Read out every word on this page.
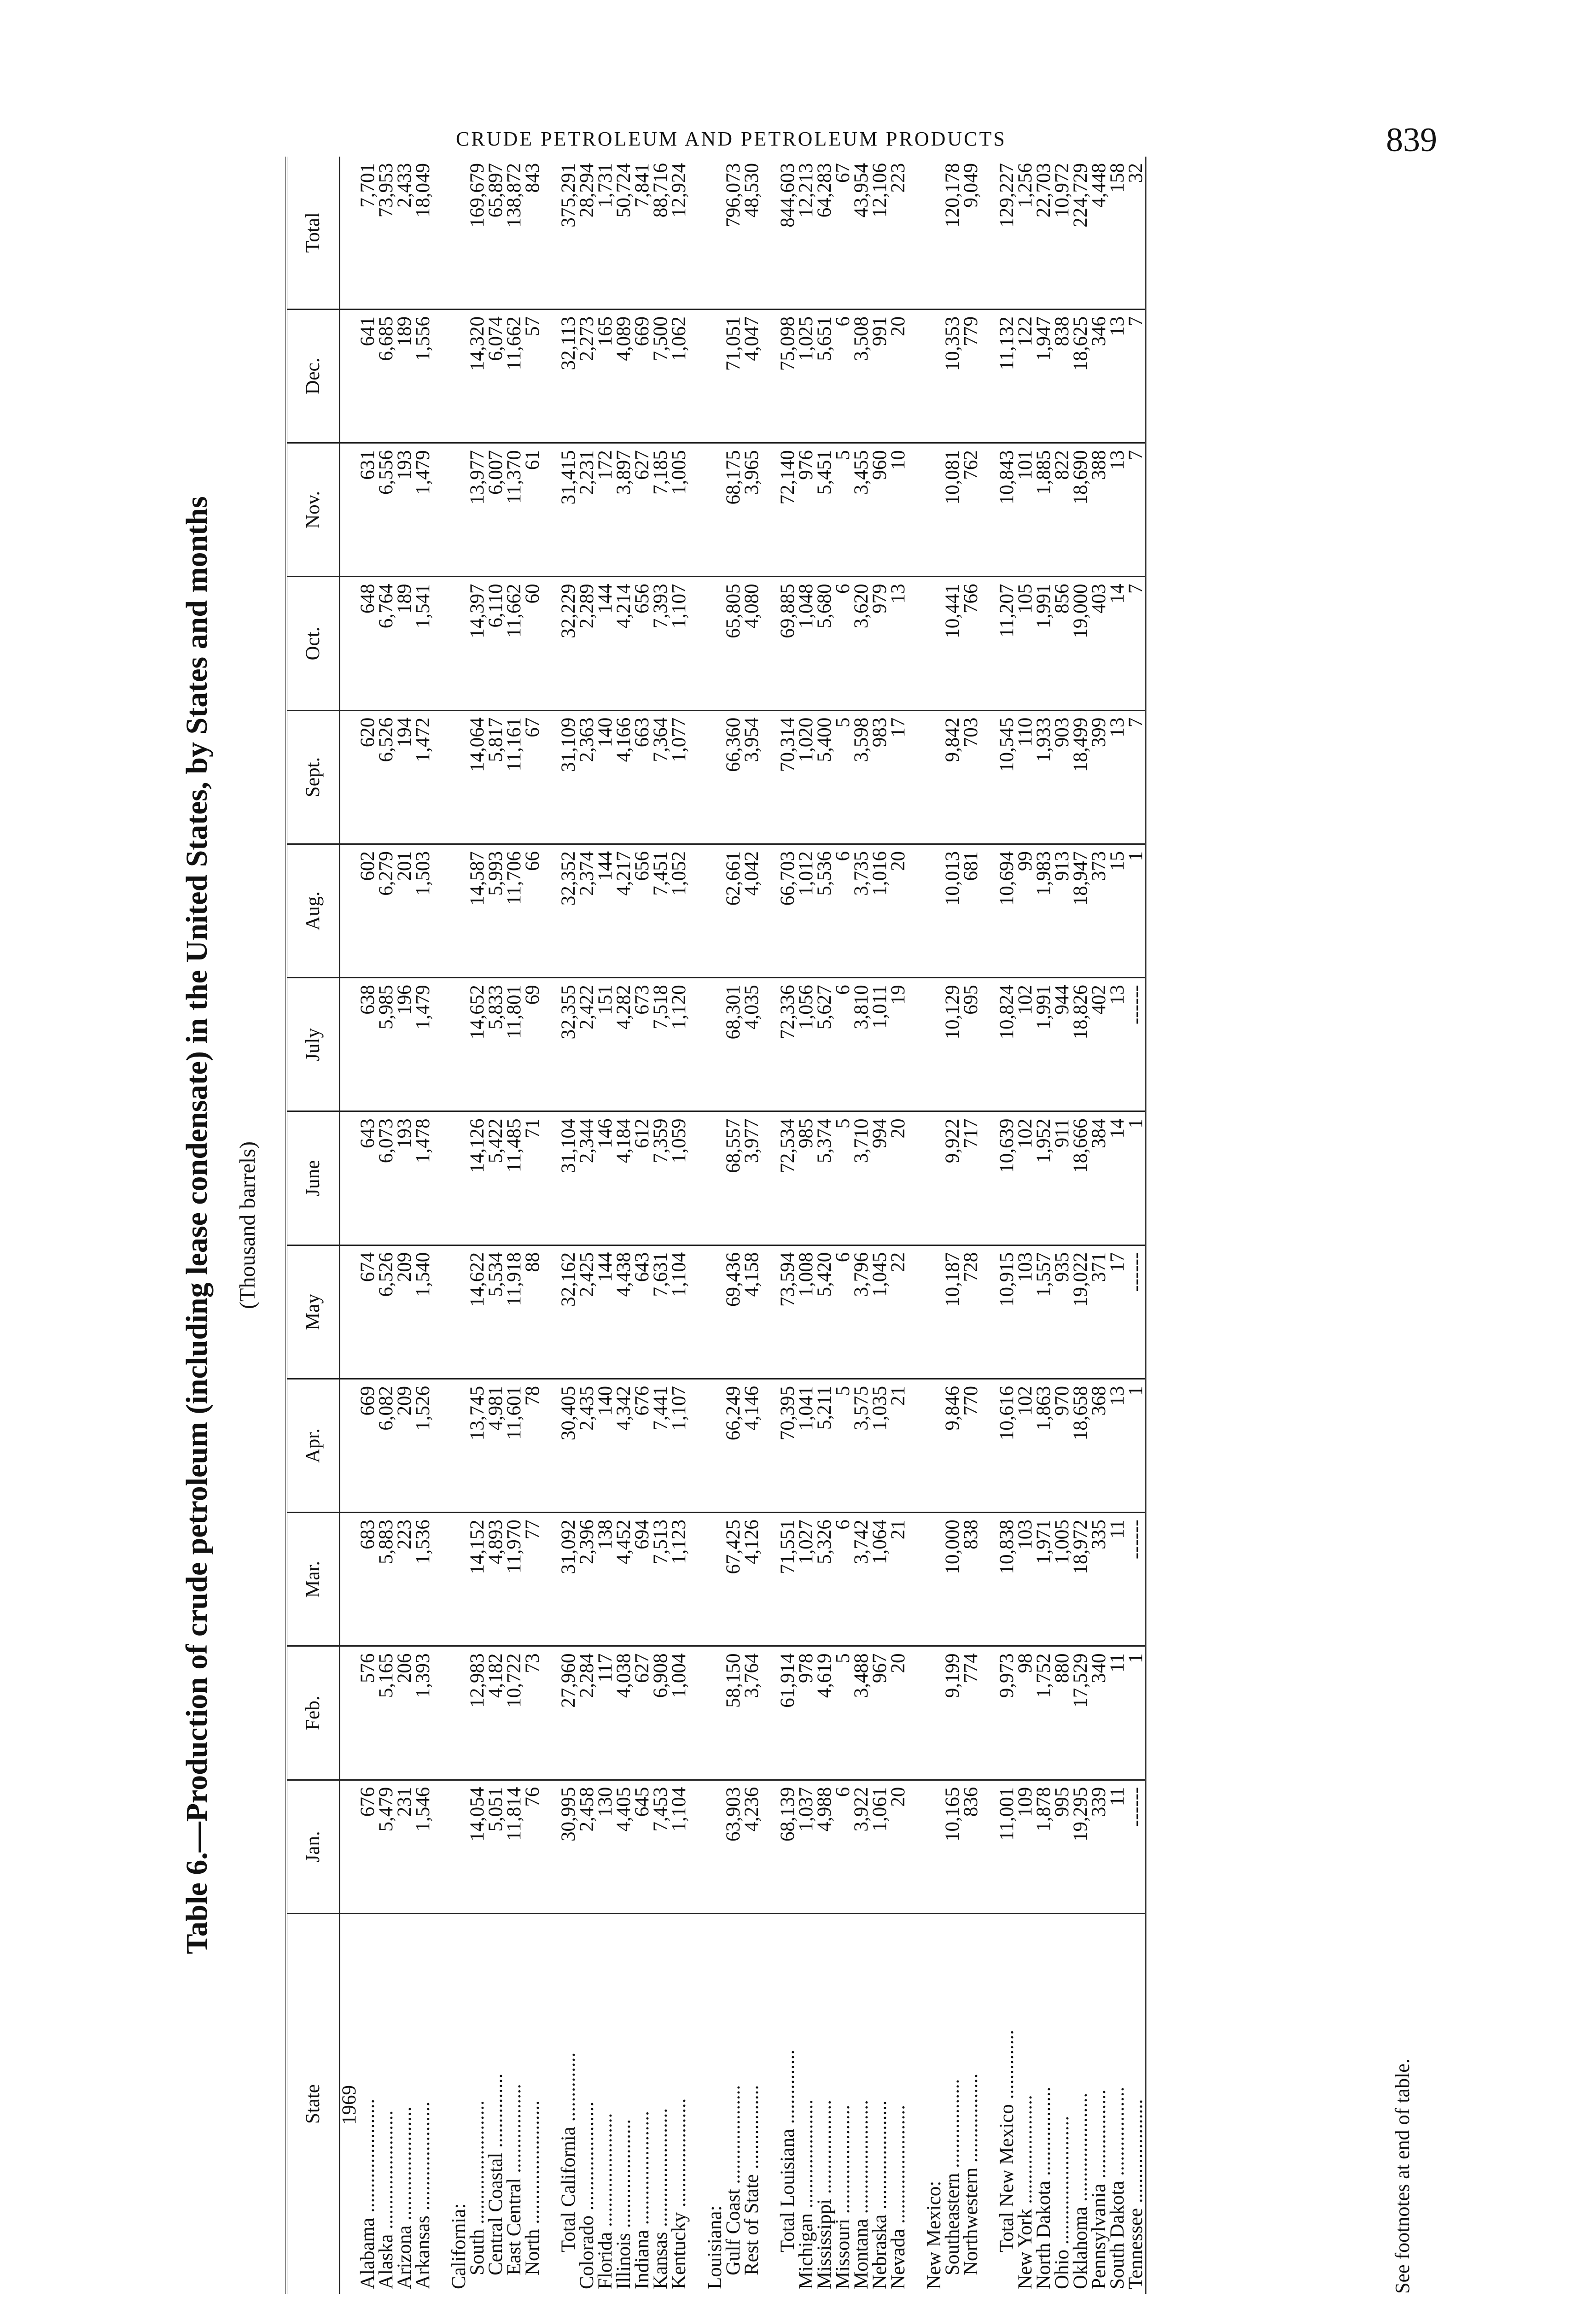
CRUDE PETROLEUM AND PETROLEUM PRODUCTS	839
Table 6.—Production of crude petroleum (including lease condensate) in the United States, by States and months (Thousand barrels)
State	Jan.	Feb.	Mar.	Apr.	May	June	July	Aug.	Sept.	Oct.	Nov.	Dec.	Total
1969													
Alabama .......................	676	576	683	669	674	643	638	602	620	648	631	641	7,701
Alaska ........................	5,479	5,165	5,883	6,082	6,526	6,073	5,985	6,279	6,526	6,764	6,556	6,685	73,953
Arizona .......................	231	206	223	209	209	193	196	201	194	189	193	189	2,433
Arkansas ......................	1,546	1,393	1,536	1,526	1,540	1,478	1,479	1,503	1,472	1,541	1,479	1,556	18,049

California:													
South .........................	14,054	12,983	14,152	13,745	14,622	14,126	14,652	14,587	14,064	14,397	13,977	14,320	169,679
Central Coastal ...............	5,051	4,182	4,893	4,981	5,534	5,422	5,833	5,993	5,817	6,110	6,007	6,074	65,897
East Central ..................	11,814	10,722	11,970	11,601	11,918	11,485	11,801	11,706	11,161	11,662	11,370	11,662	138,872
North .........................	76	73	77	78	88	71	69	66	67	60	61	57	843

Total California ..............	30,995	27,960	31,092	30,405	32,162	31,104	32,355	32,352	31,109	32,229	31,415	32,113	375,291
Colorado ......................	2,458	2,284	2,396	2,435	2,425	2,344	2,422	2,374	2,363	2,289	2,231	2,273	28,294
Florida .......................	130	117	138	140	144	146	151	144	140	144	172	165	1,731
Illinois ......................	4,405	4,038	4,452	4,342	4,438	4,184	4,282	4,217	4,166	4,214	3,897	4,089	50,724
Indiana .......................	645	627	694	676	643	612	673	656	663	656	627	669	7,841
Kansas ........................	7,453	6,908	7,513	7,441	7,631	7,359	7,518	7,451	7,364	7,393	7,185	7,500	88,716
Kentucky ......................	1,104	1,004	1,123	1,107	1,104	1,059	1,120	1,052	1,077	1,107	1,005	1,062	12,924

Louisiana:													
Gulf Coast ....................	63,903	58,150	67,425	66,249	69,436	68,557	68,301	62,661	66,360	65,805	68,175	71,051	796,073
Rest of State .................	4,236	3,764	4,126	4,146	4,158	3,977	4,035	4,042	3,954	4,080	3,965	4,047	48,530

Total Louisiana ...............	68,139	61,914	71,551	70,395	73,594	72,534	72,336	66,703	70,314	69,885	72,140	75,098	844,603
Michigan ......................	1,037	978	1,027	1,041	1,008	985	1,056	1,012	1,020	1,048	976	1,025	12,213
Mississippi ...................	4,988	4,619	5,326	5,211	5,420	5,374	5,627	5,536	5,400	5,680	5,451	5,651	64,283
Missouri ......................	6	5	6	5	6	5	6	6	5	6	5	6	67
Montana .......................	3,922	3,488	3,742	3,575	3,796	3,710	3,810	3,735	3,598	3,620	3,455	3,508	43,954
Nebraska ......................	1,061	967	1,064	1,035	1,045	994	1,011	1,016	983	979	960	991	12,106
Nevada ........................	20	20	21	21	22	20	19	20	17	13	10	20	223

New Mexico:													
Southeastern ..................	10,165	9,199	10,000	9,846	10,187	9,922	10,129	10,013	9,842	10,441	10,081	10,353	120,178
Northwestern ..................	836	774	838	770	728	717	695	681	703	766	762	779	9,049

Total New Mexico ..............	11,001	9,973	10,838	10,616	10,915	10,639	10,824	10,694	10,545	11,207	10,843	11,132	129,227
New York ......................	109	98	103	102	103	102	102	99	110	105	101	122	1,256
North Dakota ..................	1,878	1,752	1,971	1,863	1,557	1,952	1,991	1,983	1,933	1,991	1,885	1,947	22,703
Ohio ..........................	995	880	1,005	970	935	911	944	913	903	856	822	838	10,972
Oklahoma ......................	19,295	17,529	18,972	18,658	19,022	18,666	18,826	18,947	18,499	19,000	18,690	18,625	224,729
Pennsylvania ..................	339	340	335	368	371	384	402	373	399	403	388	346	4,448
South Dakota ..................	11	11	11	13	17	14	13	15	13	14	13	13	158
Tennessee .....................	------	1	------	1	------	1	------	1	7	7	7	7	32
See footnotes at end of table.
